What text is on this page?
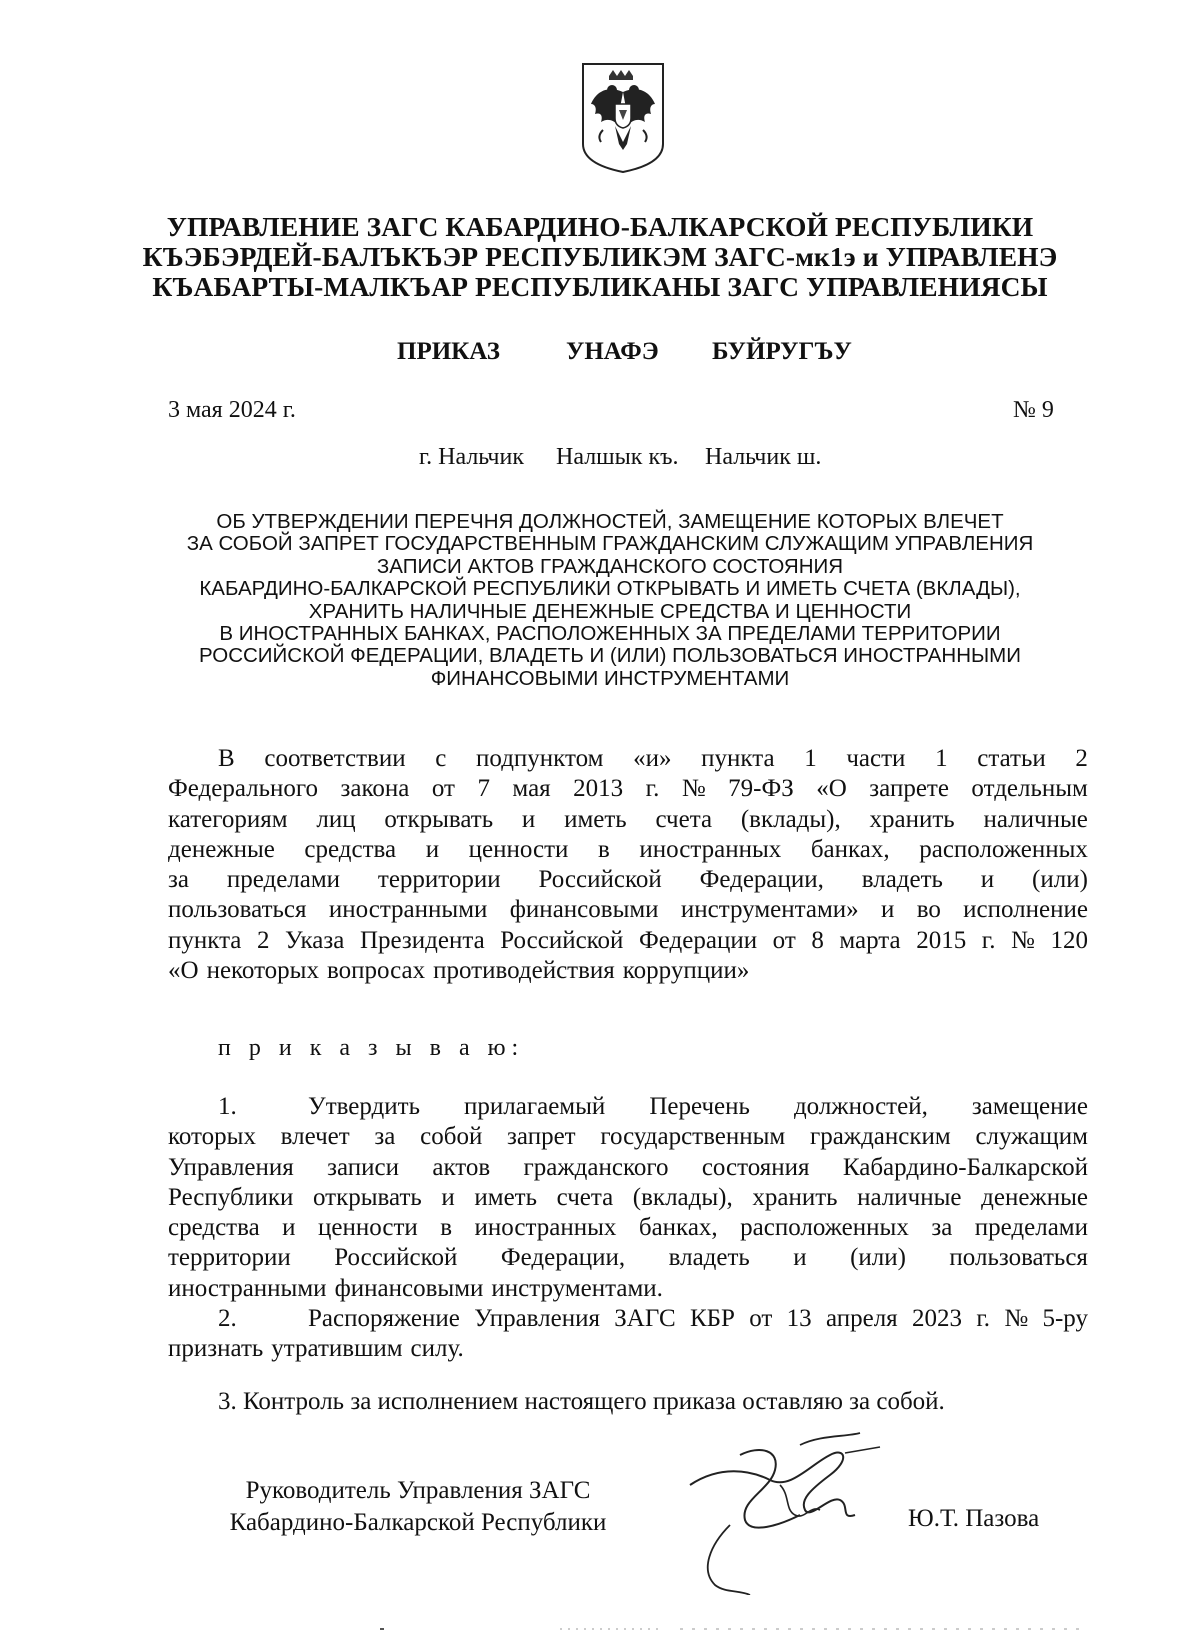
УПРАВЛЕНИЕ ЗАГС КАБАРДИНО-БАЛКАРСКОЙ РЕСПУБЛИКИ
КЪЭБЭРДЕЙ-БАЛЪКЪЭР РЕСПУБЛИКЭМ ЗАГС-мк1э и УПРАВЛЕНЭ
КЪАБАРТЫ-МАЛКЪАР РЕСПУБЛИКАНЫ ЗАГС УПРАВЛЕНИЯСЫ
ПРИКАЗ	УНАФЭ БУЙРУГЪУ
3 мая 2024 г.	№ 9
г. Нальчик Налшык къ. Нальчик ш.
ОБ УТВЕРЖДЕНИИ ПЕРЕЧНЯ ДОЛЖНОСТЕЙ, ЗАМЕЩЕНИЕ КОТОРЫХ ВЛЕЧЕТ
ЗА СОБОЙ ЗАПРЕТ ГОСУДАРСТВЕННЫМ ГРАЖДАНСКИМ СЛУЖАЩИМ УПРАВЛЕНИЯ
ЗАПИСИ АКТОВ ГРАЖДАНСКОГО СОСТОЯНИЯ
КАБАРДИНО-БАЛКАРСКОЙ РЕСПУБЛИКИ ОТКРЫВАТЬ И ИМЕТЬ СЧЕТА (ВКЛАДЫ),
ХРАНИТЬ НАЛИЧНЫЕ ДЕНЕЖНЫЕ СРЕДСТВА И ЦЕННОСТИ
В ИНОСТРАННЫХ БАНКАХ, РАСПОЛОЖЕННЫХ ЗА ПРЕДЕЛАМИ ТЕРРИТОРИИ
РОССИЙСКОЙ ФЕДЕРАЦИИ, ВЛАДЕТЬ И (ИЛИ) ПОЛЬЗОВАТЬСЯ ИНОСТРАННЫМИ
ФИНАНСОВЫМИ ИНСТРУМЕНТАМИ
В соответствии с подпунктом «и» пункта 1 части 1 статьи 2
Федерального закона от 7 мая 2013 г. № 79-ФЗ «О запрете отдельным
категориям лиц открывать и иметь счета (вклады), хранить наличные
денежные средства и ценности в иностранных банках, расположенных
за пределами территории Российской Федерации, владеть и (или)
пользоваться иностранными финансовыми инструментами» и во исполнение
пункта 2 Указа Президента Российской Федерации от 8 марта 2015 г. № 120
«О некоторых вопросах противодействия коррупции»
п р и к а з ы в а ю:
1.	Утвердить прилагаемый Перечень должностей, замещение
которых влечет за собой запрет государственным гражданским служащим
Управления записи актов гражданского состояния Кабардино-Балкарской
Республики открывать и иметь счета (вклады), хранить наличные денежные
средства и ценности в иностранных банках, расположенных за пределами
территории Российской Федерации, владеть и (или) пользоваться
иностранными финансовыми инструментами.
2.	Распоряжение Управления ЗАГС КБР от 13 апреля 2023 г. № 5-ру
признать утратившим силу.
3. Контроль за исполнением настоящего приказа оставляю за собой.
Руководитель Управления ЗАГС
Кабардино-Балкарской Республики	Ю.Т. Пазова
